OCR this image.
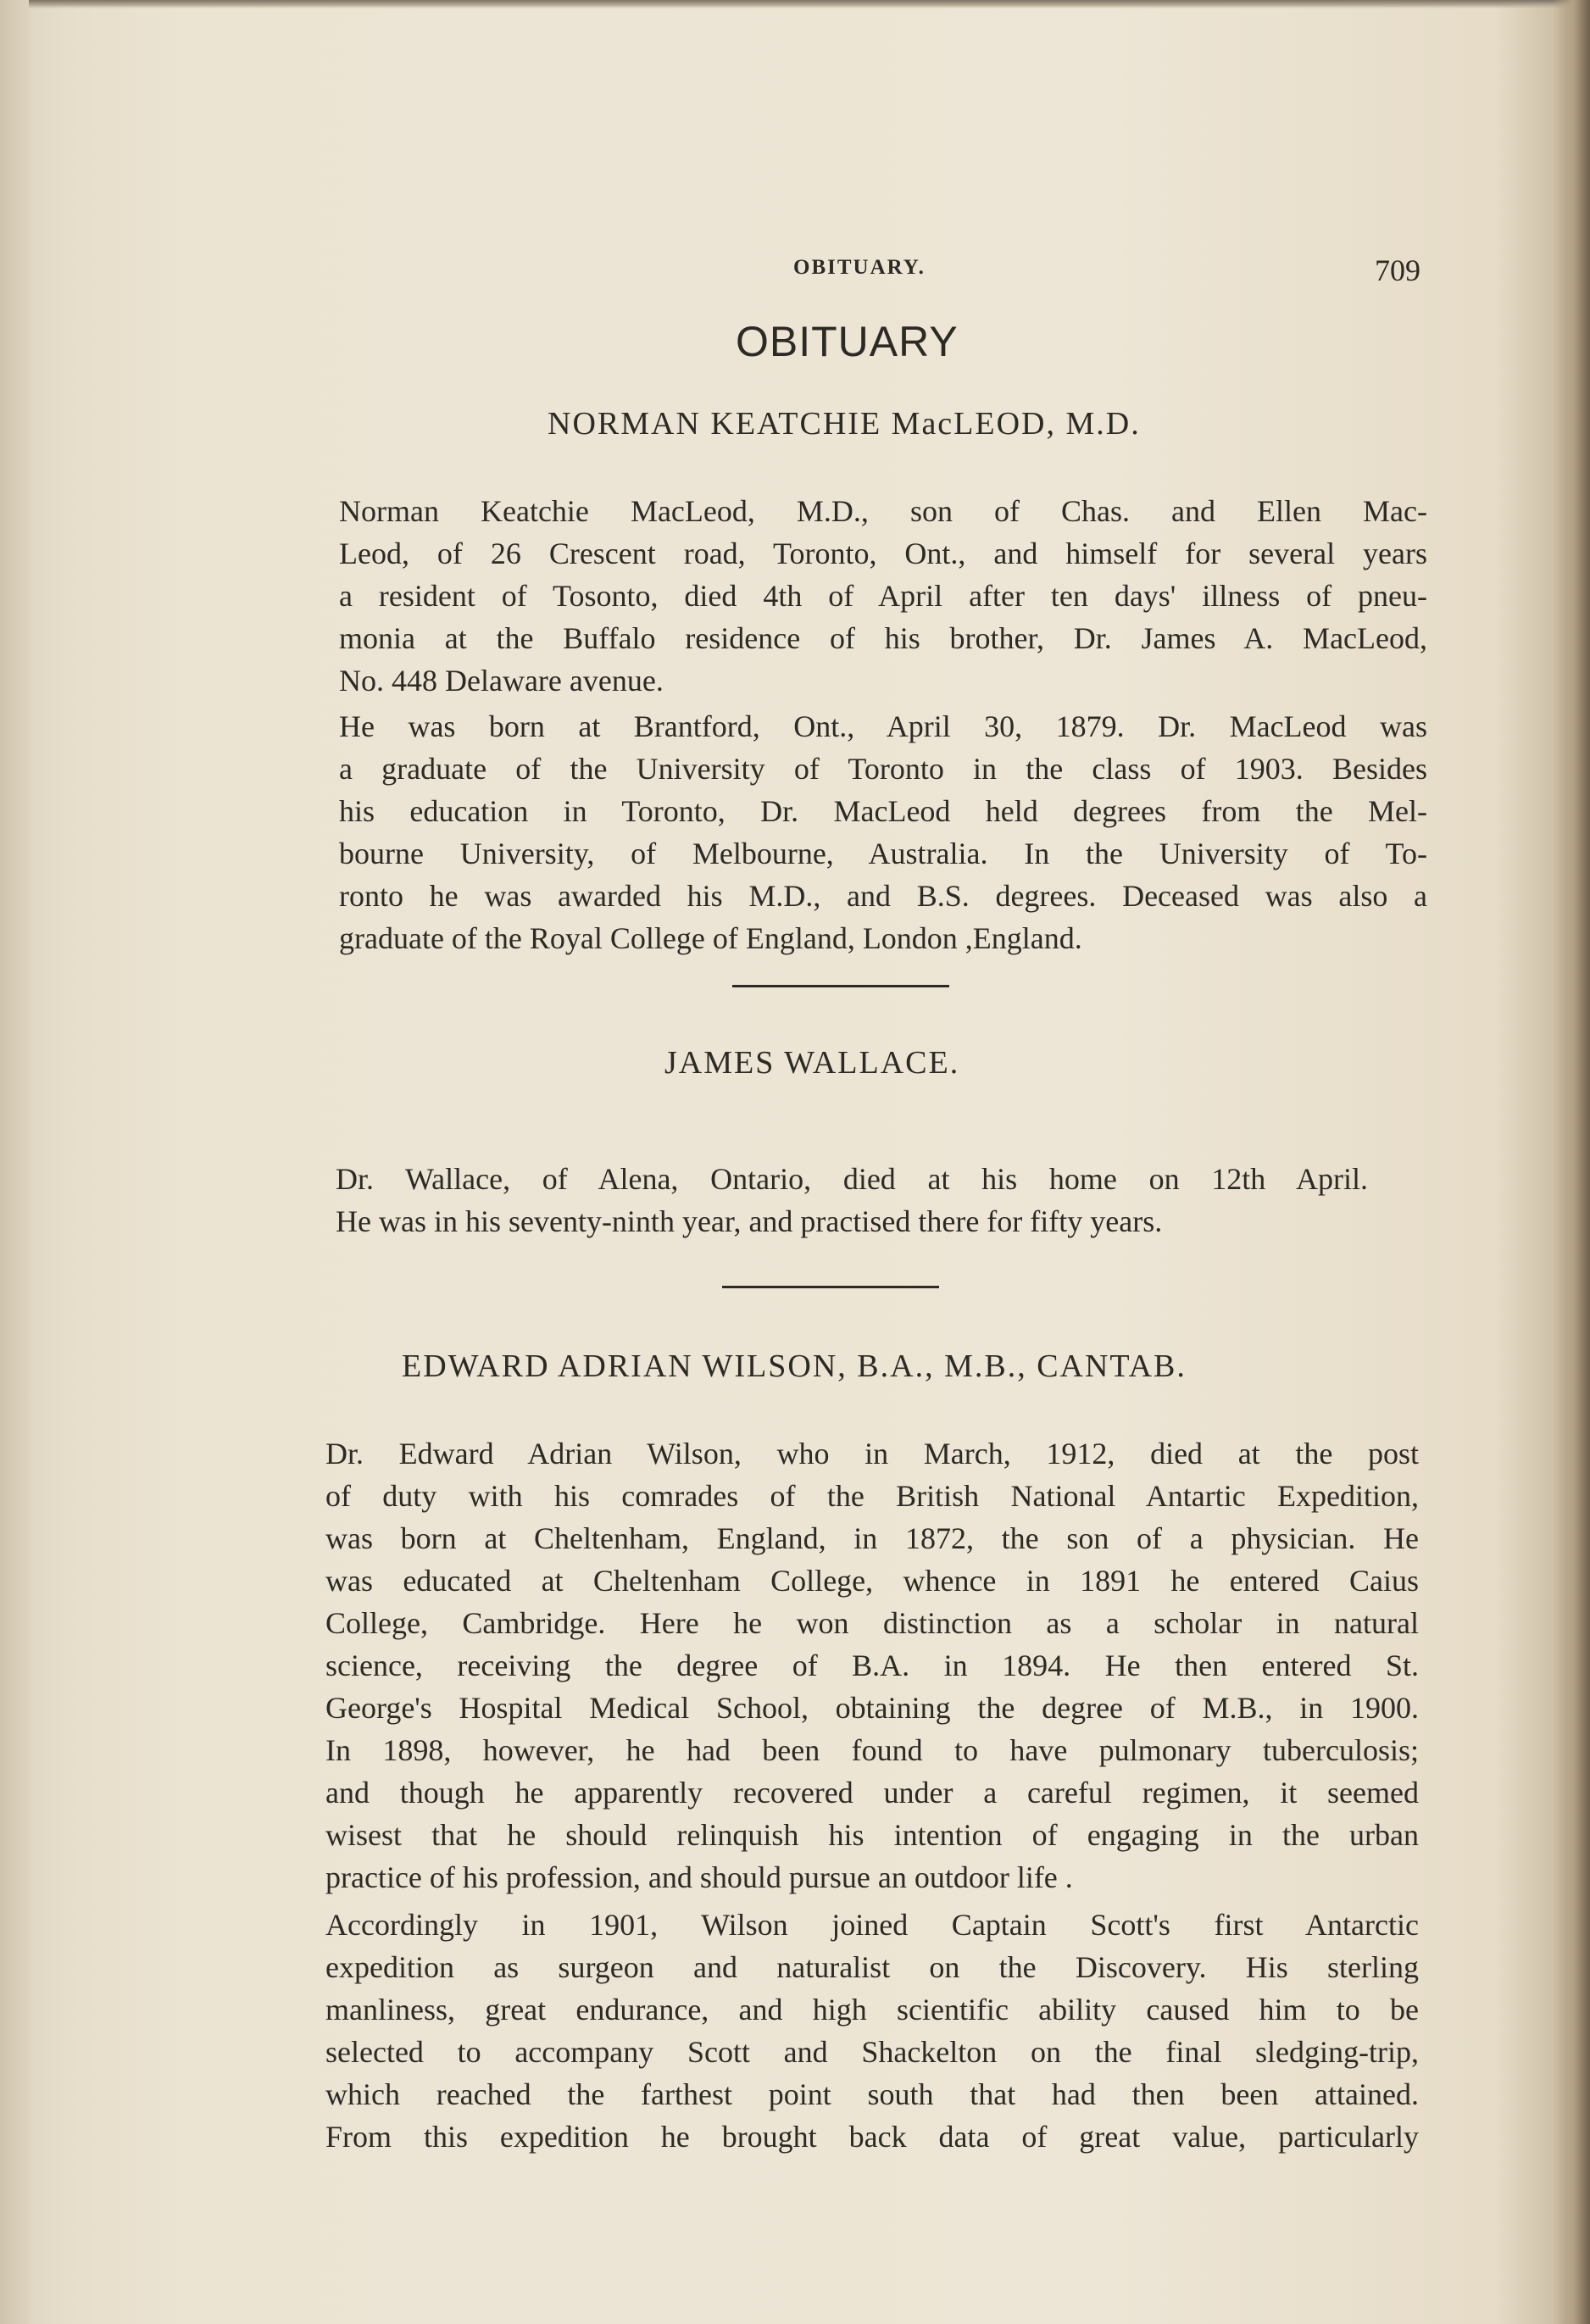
OBITUARY.	709
OBITUARY
NORMAN KEATCHIE MacLEOD, M.D.
Norman Keatchie MacLeod, M.D., son of Chas. and Ellen Mac-
Leod, of 26 Crescent road, Toronto, Ont., and himself for several years
a resident of Tosonto, died 4th of April after ten days' illness of pneu-
monia at the Buffalo residence of his brother, Dr. James A. MacLeod,
No. 448 Delaware avenue.
He was born at Brantford, Ont., April 30, 1879. Dr. MacLeod was
a graduate of the University of Toronto in the class of 1903. Besides
his education in Toronto, Dr. MacLeod held degrees from the Mel-
bourne University, of Melbourne, Australia. In the University of To-
ronto he was awarded his M.D., and B.S. degrees. Deceased was also a
graduate of the Royal College of England, London ,England.
JAMES WALLACE.
Dr. Wallace, of Alena, Ontario, died at his home on 12th April.
He was in his seventy-ninth year, and practised there for fifty years.
EDWARD ADRIAN WILSON, B.A., M.B., CANTAB.
Dr. Edward Adrian Wilson, who in March, 1912, died at the post
of duty with his comrades of the British National Antartic Expedition,
was born at Cheltenham, England, in 1872, the son of a physician. He
was educated at Cheltenham College, whence in 1891 he entered Caius
College, Cambridge. Here he won distinction as a scholar in natural
science, receiving the degree of B.A. in 1894. He then entered St.
George's Hospital Medical School, obtaining the degree of M.B., in 1900.
In 1898, however, he had been found to have pulmonary tuberculosis;
and though he apparently recovered under a careful regimen, it seemed
wisest that he should relinquish his intention of engaging in the urban
practice of his profession, and should pursue an outdoor life .
Accordingly in 1901, Wilson joined Captain Scott's first Antarctic
expedition as surgeon and naturalist on the Discovery. His sterling
manliness, great endurance, and high scientific ability caused him to be
selected to accompany Scott and Shackelton on the final sledging-trip,
which reached the farthest point south that had then been attained.
From this expedition he brought back data of great value, particularly
